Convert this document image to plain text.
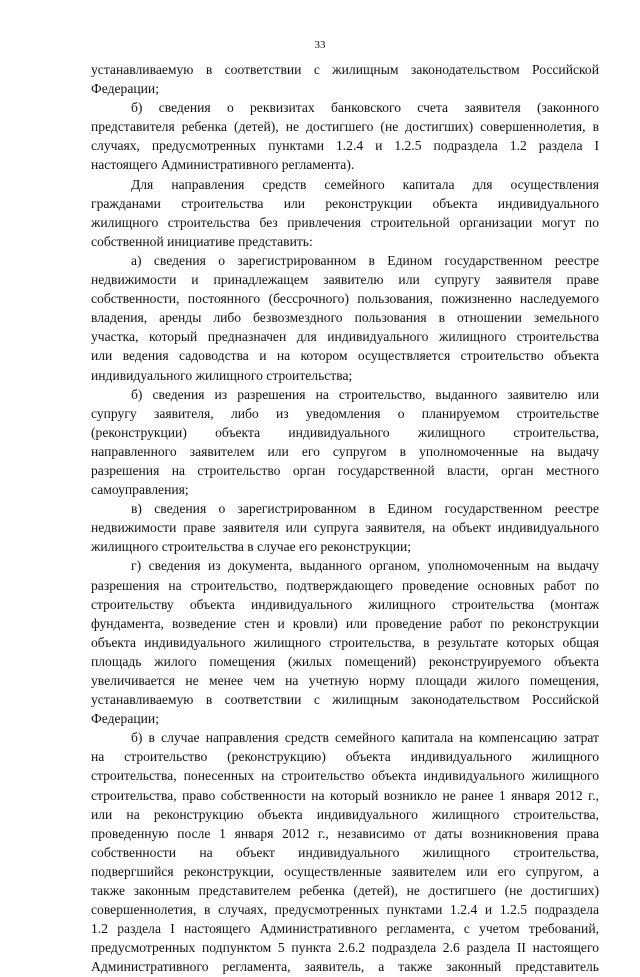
33
устанавливаемую в соответствии с жилищным законодательством Российской
Федерации;
б) сведения о реквизитах банковского счета заявителя (законного
представителя ребенка (детей), не достигшего (не достигших) совершеннолетия, в
случаях, предусмотренных пунктами 1.2.4 и 1.2.5 подраздела 1.2 раздела I
настоящего Административного регламента).
Для направления средств семейного капитала для осуществления
гражданами строительства или реконструкции объекта индивидуального
жилищного строительства без привлечения строительной организации могут по
собственной инициативе представить:
а) сведения о зарегистрированном в Едином государственном реестре
недвижимости и принадлежащем заявителю или супругу заявителя праве
собственности, постоянного (бессрочного) пользования, пожизненно наследуемого
владения, аренды либо безвозмездного пользования в отношении земельного
участка, который предназначен для индивидуального жилищного строительства
или ведения садоводства и на котором осуществляется строительство объекта
индивидуального жилищного строительства;
б) сведения из разрешения на строительство, выданного заявителю или
супругу заявителя, либо из уведомления о планируемом строительстве
(реконструкции) объекта индивидуального жилищного строительства,
направленного заявителем или его супругом в уполномоченные на выдачу
разрешения на строительство орган государственной власти, орган местного
самоуправления;
в) сведения о зарегистрированном в Едином государственном реестре
недвижимости праве заявителя или супруга заявителя, на объект индивидуального
жилищного строительства в случае его реконструкции;
г) сведения из документа, выданного органом, уполномоченным на выдачу
разрешения на строительство, подтверждающего проведение основных работ по
строительству объекта индивидуального жилищного строительства (монтаж
фундамента, возведение стен и кровли) или проведение работ по реконструкции
объекта индивидуального жилищного строительства, в результате которых общая
площадь жилого помещения (жилых помещений) реконструируемого объекта
увеличивается не менее чем на учетную норму площади жилого помещения,
устанавливаемую в соответствии с жилищным законодательством Российской
Федерации;
б) в случае направления средств семейного капитала на компенсацию затрат
на строительство (реконструкцию) объекта индивидуального жилищного
строительства, понесенных на строительство объекта индивидуального жилищного
строительства, право собственности на который возникло не ранее 1 января 2012 г.,
или на реконструкцию объекта индивидуального жилищного строительства,
проведенную после 1 января 2012 г., независимо от даты возникновения права
собственности на объект индивидуального жилищного строительства,
подвергшийся реконструкции, осуществленные заявителем или его супругом, а
также законным представителем ребенка (детей), не достигшего (не достигших)
совершеннолетия, в случаях, предусмотренных пунктами 1.2.4 и 1.2.5 подраздела
1.2 раздела I настоящего Административного регламента, с учетом требований,
предусмотренных подпунктом 5 пункта 2.6.2 подраздела 2.6 раздела II настоящего
Административного регламента, заявитель, а также законный представитель
